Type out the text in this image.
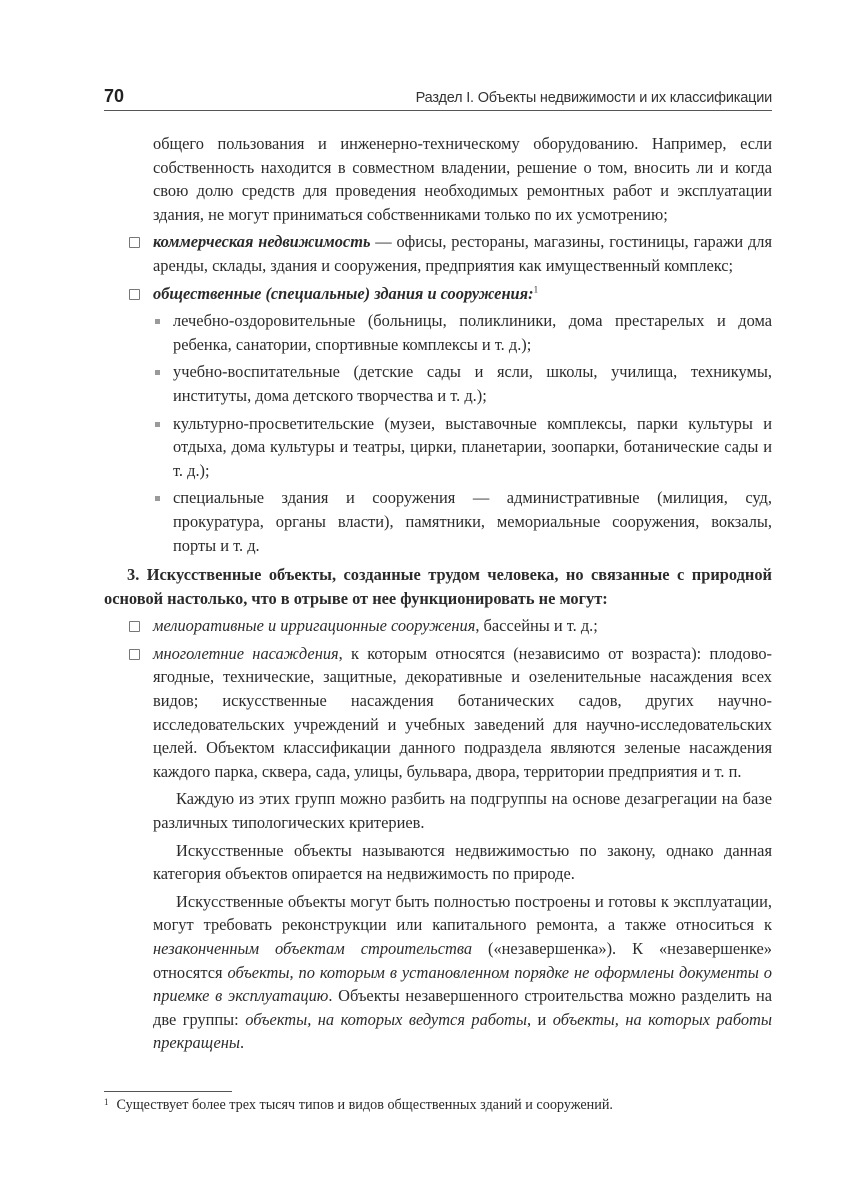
70	Раздел I. Объекты недвижимости и их классификации

общего пользования и инженерно-техническому оборудованию. Например, если собственность находится в совместном владении, решение о том, вносить ли и когда свою долю средств для проведения необходимых ремонтных работ и эксплуатации здания, не могут приниматься собственниками только по их усмотрению;

коммерческая недвижимость — офисы, рестораны, магазины, гостиницы, гаражи для аренды, склады, здания и сооружения, предприятия как имущественный комплекс;
общественные (специальные) здания и сооружения:$^1$
лечебно-оздоровительные (больницы, поликлиники, дома престарелых и дома ребенка, санатории, спортивные комплексы и т. д.);
учебно-воспитательные (детские сады и ясли, школы, училища, техникумы, институты, дома детского творчества и т. д.);
культурно-просветительские (музеи, выставочные комплексы, парки культуры и отдыха, дома культуры и театры, цирки, планетарии, зоопарки, ботанические сады и т. д.);
специальные здания и сооружения — административные (милиция, суд, прокуратура, органы власти), памятники, мемориальные сооружения, вокзалы, порты и т. д.

3. Искусственные объекты, созданные трудом человека, но связанные с природной основой настолько, что в отрыве от нее функционировать не могут:

мелиоративные и ирригационные сооружения, бассейны и т. д.;
многолетние насаждения, к которым относятся (независимо от возраста): плодово-ягодные, технические, защитные, декоративные и озеленительные насаждения всех видов; искусственные насаждения ботанических садов, других научно-исследовательских учреждений и учебных заведений для научно-исследовательских целей. Объектом классификации данного подраздела являются зеленые насаждения каждого парка, сквера, сада, улицы, бульвара, двора, территории предприятия и т. п.

Каждую из этих групп можно разбить на подгруппы на основе дезагрегации на базе различных типологических критериев.

Искусственные объекты называются недвижимостью по закону, однако данная категория объектов опирается на недвижимость по природе.

Искусственные объекты могут быть полностью построены и готовы к эксплуатации, могут требовать реконструкции или капитального ремонта, а также относиться к незаконченным объектам строительства («незавершенка»). К «незавершенке» относятся объекты, по которым в установленном порядке не оформлены документы о приемке в эксплуатацию. Объекты незавершенного строительства можно разделить на две группы: объекты, на которых ведутся работы, и объекты, на которых работы прекращены.

$^1$ Существует более трех тысяч типов и видов общественных зданий и сооружений.
